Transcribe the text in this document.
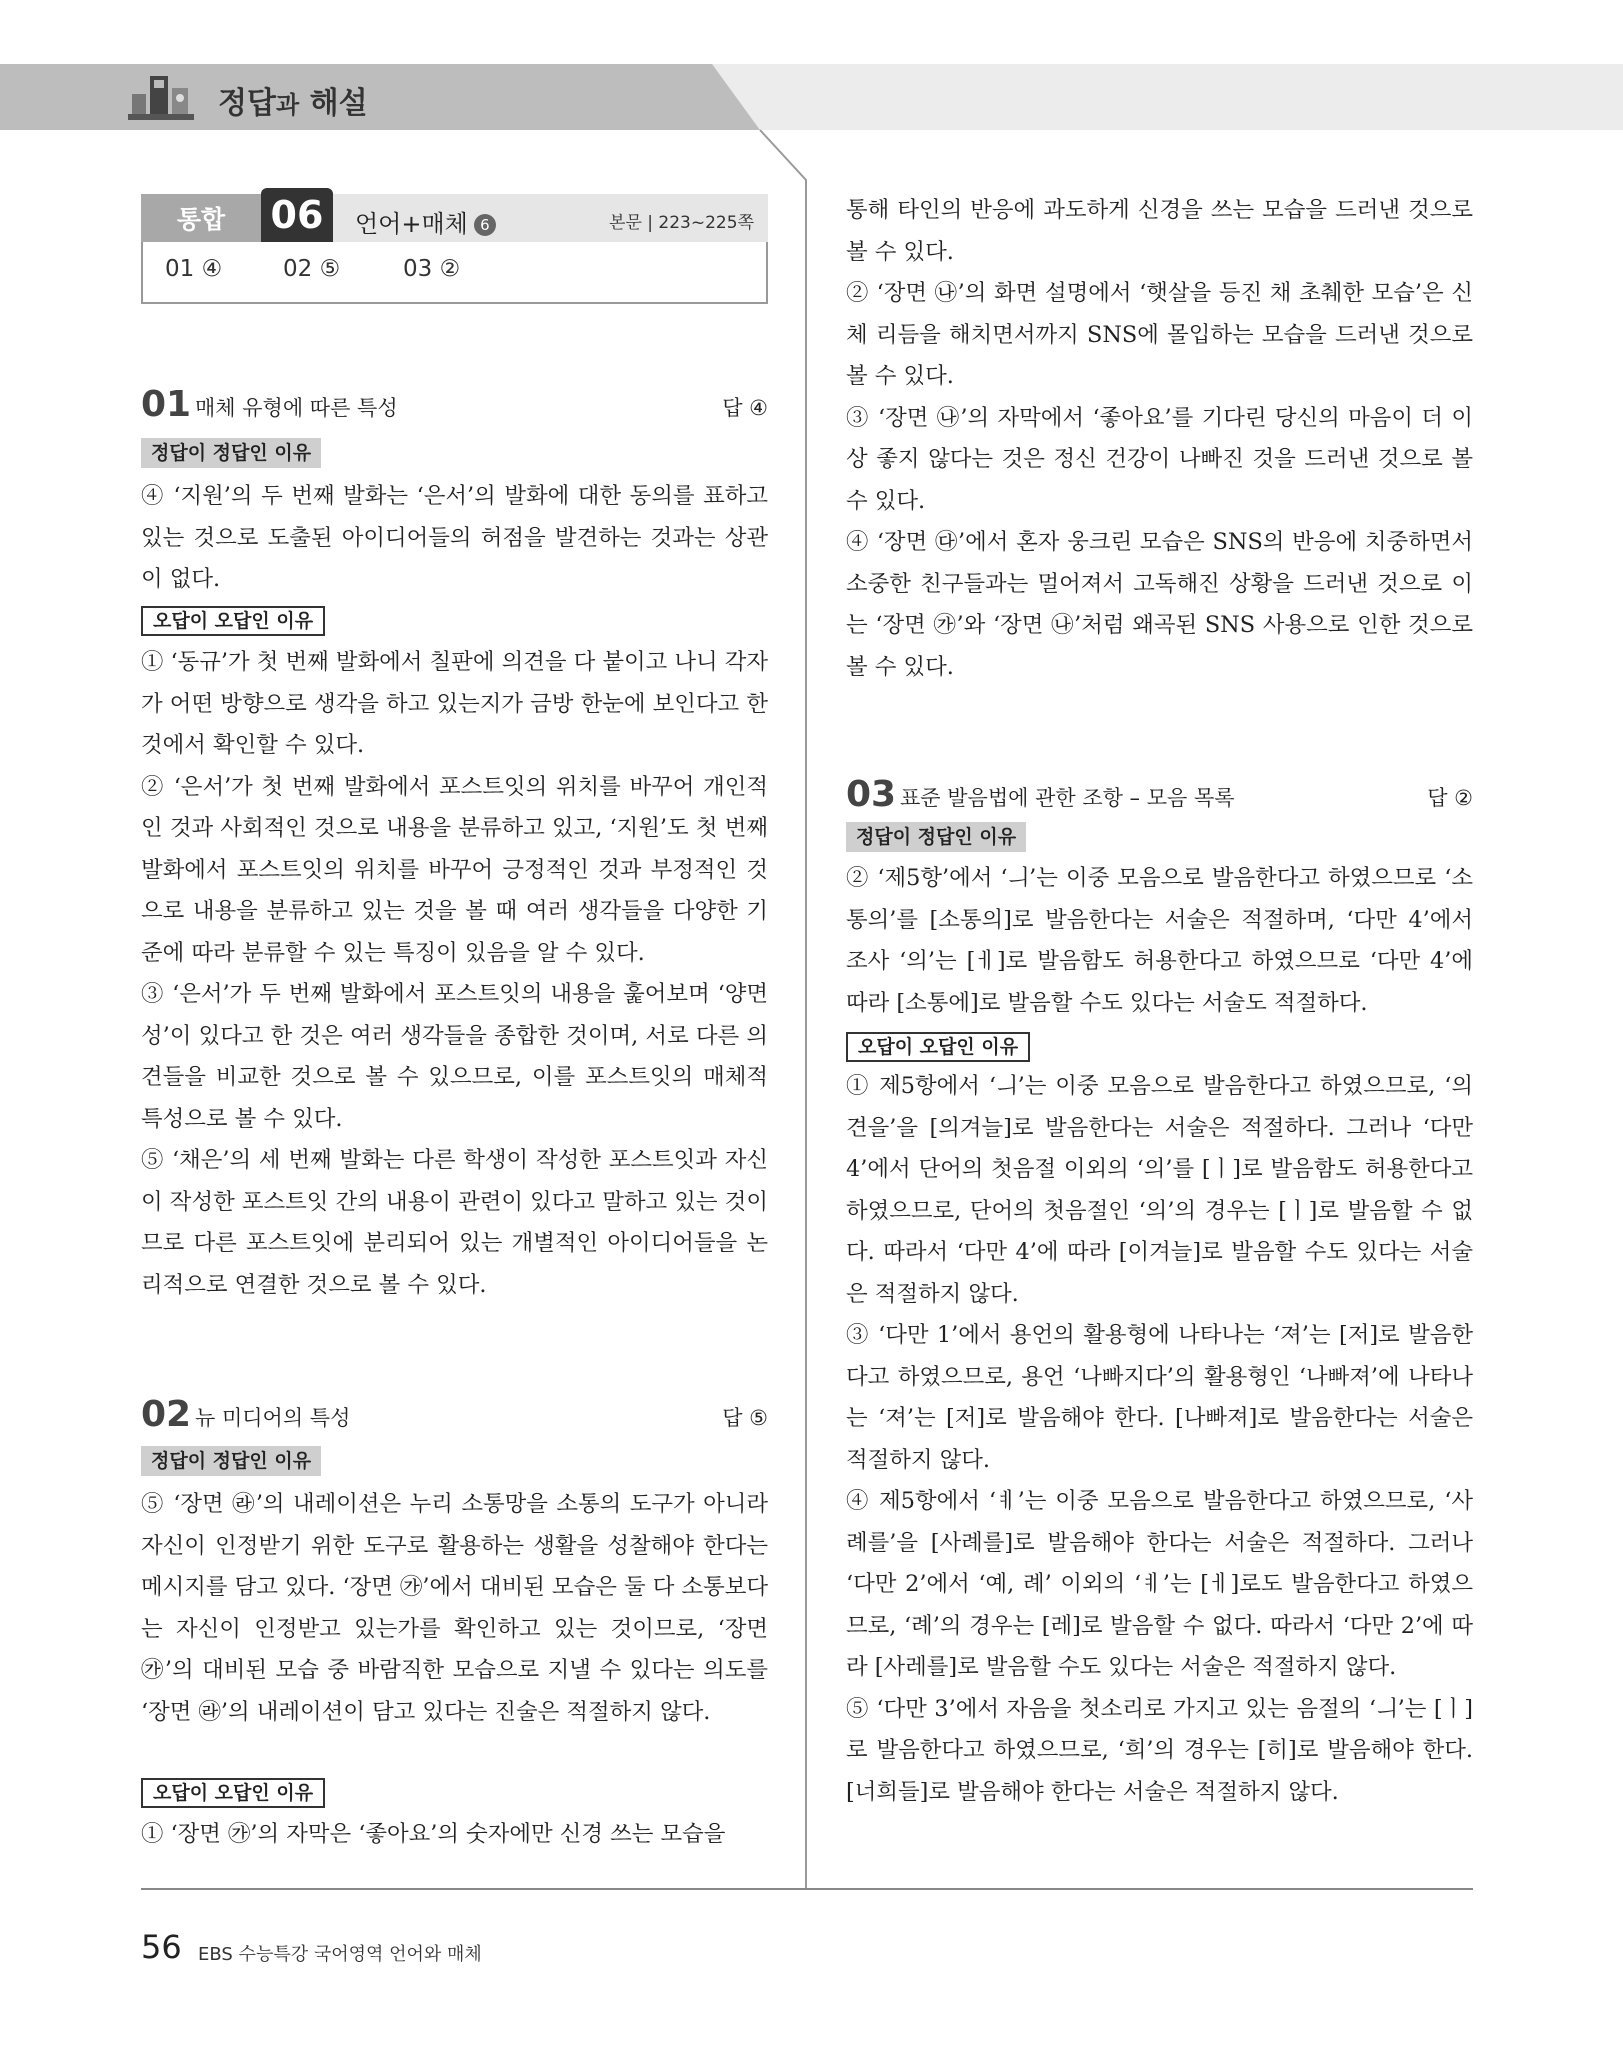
정답과 해설
통합	06	언어+매체 6	본문 | 223~225쪽
01 ④	02 ⑤	03 ②
01 매체 유형에 따른 특성	답 ④
정답이 정답인 이유

④ ‘지원’의 두 번째 발화는 ‘은서’의 발화에 대한 동의를 표하고 있는 것으로 도출된 아이디어들의 허점을 발견하는 것과는 상관이 없다.

오답이 오답인 이유

① ‘동규’가 첫 번째 발화에서 칠판에 의견을 다 붙이고 나니 각자가 어떤 방향으로 생각을 하고 있는지가 금방 한눈에 보인다고 한 것에서 확인할 수 있다.

② ‘은서’가 첫 번째 발화에서 포스트잇의 위치를 바꾸어 개인적인 것과 사회적인 것으로 내용을 분류하고 있고, ‘지원’도 첫 번째 발화에서 포스트잇의 위치를 바꾸어 긍정적인 것과 부정적인 것으로 내용을 분류하고 있는 것을 볼 때 여러 생각들을 다양한 기준에 따라 분류할 수 있는 특징이 있음을 알 수 있다.

③ ‘은서’가 두 번째 발화에서 포스트잇의 내용을 훑어보며 ‘양면성’이 있다고 한 것은 여러 생각들을 종합한 것이며, 서로 다른 의견들을 비교한 것으로 볼 수 있으므로, 이를 포스트잇의 매체적 특성으로 볼 수 있다.

⑤ ‘채은’의 세 번째 발화는 다른 학생이 작성한 포스트잇과 자신이 작성한 포스트잇 간의 내용이 관련이 있다고 말하고 있는 것이므로 다른 포스트잇에 분리되어 있는 개별적인 아이디어들을 논리적으로 연결한 것으로 볼 수 있다.

02 뉴 미디어의 특성	답 ⑤
정답이 정답인 이유

⑤ ‘장면 ㉱’의 내레이션은 누리 소통망을 소통의 도구가 아니라 자신이 인정받기 위한 도구로 활용하는 생활을 성찰해야 한다는 메시지를 담고 있다. ‘장면 ㉮’에서 대비된 모습은 둘 다 소통보다는 자신이 인정받고 있는가를 확인하고 있는 것이므로, ‘장면 ㉮’의 대비된 모습 중 바람직한 모습으로 지낼 수 있다는 의도를 ‘장면 ㉱’의 내레이션이 담고 있다는 진술은 적절하지 않다.

오답이 오답인 이유

① ‘장면 ㉮’의 자막은 ‘좋아요’의 숫자에만 신경 쓰는 모습을

통해 타인의 반응에 과도하게 신경을 쓰는 모습을 드러낸 것으로 볼 수 있다.

② ‘장면 ㉯’의 화면 설명에서 ‘햇살을 등진 채 초췌한 모습’은 신체 리듬을 해치면서까지 SNS에 몰입하는 모습을 드러낸 것으로 볼 수 있다.

③ ‘장면 ㉯’의 자막에서 ‘좋아요’를 기다린 당신의 마음이 더 이상 좋지 않다는 것은 정신 건강이 나빠진 것을 드러낸 것으로 볼 수 있다.

④ ‘장면 ㉰’에서 혼자 웅크린 모습은 SNS의 반응에 치중하면서 소중한 친구들과는 멀어져서 고독해진 상황을 드러낸 것으로 이는 ‘장면 ㉮’와 ‘장면 ㉯’처럼 왜곡된 SNS 사용으로 인한 것으로 볼 수 있다.

03 표준 발음법에 관한 조항 – 모음 목록	답 ②
정답이 정답인 이유

② ‘제5항’에서 ‘ㅢ’는 이중 모음으로 발음한다고 하였으므로 ‘소통의’를 [소통의]로 발음한다는 서술은 적절하며, ‘다만 4’에서 조사 ‘의’는 [ㅔ]로 발음함도 허용한다고 하였으므로 ‘다만 4’에 따라 [소통에]로 발음할 수도 있다는 서술도 적절하다.

오답이 오답인 이유

① 제5항에서 ‘ㅢ’는 이중 모음으로 발음한다고 하였으므로, ‘의견을’을 [의겨늘]로 발음한다는 서술은 적절하다. 그러나 ‘다만 4’에서 단어의 첫음절 이외의 ‘의’를 [ㅣ]로 발음함도 허용한다고 하였으므로, 단어의 첫음절인 ‘의’의 경우는 [ㅣ]로 발음할 수 없다. 따라서 ‘다만 4’에 따라 [이겨늘]로 발음할 수도 있다는 서술은 적절하지 않다.

③ ‘다만 1’에서 용언의 활용형에 나타나는 ‘져’는 [저]로 발음한다고 하였으므로, 용언 ‘나빠지다’의 활용형인 ‘나빠져’에 나타나는 ‘져’는 [저]로 발음해야 한다. [나빠져]로 발음한다는 서술은 적절하지 않다.

④ 제5항에서 ‘ㅖ’는 이중 모음으로 발음한다고 하였으므로, ‘사례를’을 [사례를]로 발음해야 한다는 서술은 적절하다. 그러나 ‘다만 2’에서 ‘예, 례’ 이외의 ‘ㅖ’는 [ㅔ]로도 발음한다고 하였으므로, ‘례’의 경우는 [레]로 발음할 수 없다. 따라서 ‘다만 2’에 따라 [사레를]로 발음할 수도 있다는 서술은 적절하지 않다.

⑤ ‘다만 3’에서 자음을 첫소리로 가지고 있는 음절의 ‘ㅢ’는 [ㅣ]로 발음한다고 하였으므로, ‘희’의 경우는 [히]로 발음해야 한다. [너희들]로 발음해야 한다는 서술은 적절하지 않다.

56 EBS 수능특강 국어영역 언어와 매체
